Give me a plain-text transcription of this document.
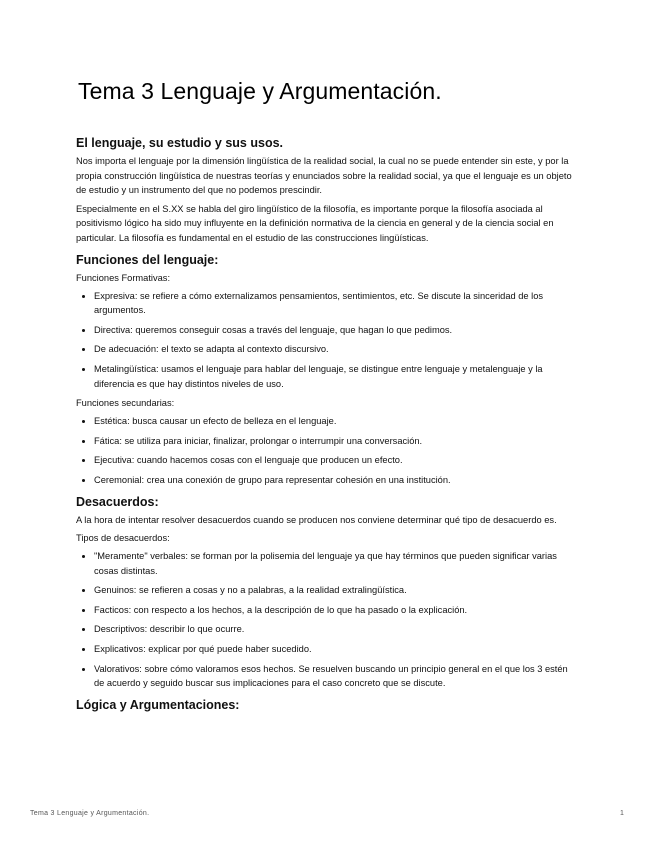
Tema 3 Lenguaje y Argumentación.
El lenguaje, su estudio y sus usos.

Nos importa el lenguaje por la dimensión lingüística de la realidad social, la cual no se puede entender sin este, y por la propia construcción lingüística de nuestras teorías y enunciados sobre la realidad social, ya que el lenguaje es un objeto de estudio y un instrumento del que no podemos prescindir.

Especialmente en el S.XX se habla del giro lingüístico de la filosofía, es importante porque la filosofía asociada al positivismo lógico ha sido muy influyente en la definición normativa de la ciencia en general y de la ciencia social en particular. La filosofía es fundamental en el estudio de las construcciones lingüísticas.

Funciones del lenguaje:
Funciones Formativas:
• Expresiva: se refiere a cómo externalizamos pensamientos, sentimientos, etc. Se discute la sinceridad de los argumentos.
• Directiva: queremos conseguir cosas a través del lenguaje, que hagan lo que pedimos.
• De adecuación: el texto se adapta al contexto discursivo.
• Metalingüística: usamos el lenguaje para hablar del lenguaje, se distingue entre lenguaje y metalenguaje y la diferencia es que hay distintos niveles de uso.
Funciones secundarias:
• Estética: busca causar un efecto de belleza en el lenguaje.
• Fática: se utiliza para iniciar, finalizar, prolongar o interrumpir una conversación.
• Ejecutiva: cuando hacemos cosas con el lenguaje que producen un efecto.
• Ceremonial: crea una conexión de grupo para representar cohesión en una institución.
Desacuerdos:

A la hora de intentar resolver desacuerdos cuando se producen nos conviene determinar qué tipo de desacuerdo es.

Tipos de desacuerdos:
• "Meramente" verbales: se forman por la polisemia del lenguaje ya que hay términos que pueden significar varias cosas distintas.
• Genuinos: se refieren a cosas y no a palabras, a la realidad extralingüística.
• Facticos: con respecto a los hechos, a la descripción de lo que ha pasado o la explicación.
• Descriptivos: describir lo que ocurre.
• Explicativos: explicar por qué puede haber sucedido.
• Valorativos: sobre cómo valoramos esos hechos. Se resuelven buscando un principio general en el que los 3 estén de acuerdo y seguido buscar sus implicaciones para el caso concreto que se discute.
Lógica y Argumentaciones:
Tema 3 Lenguaje y Argumentación.	1
